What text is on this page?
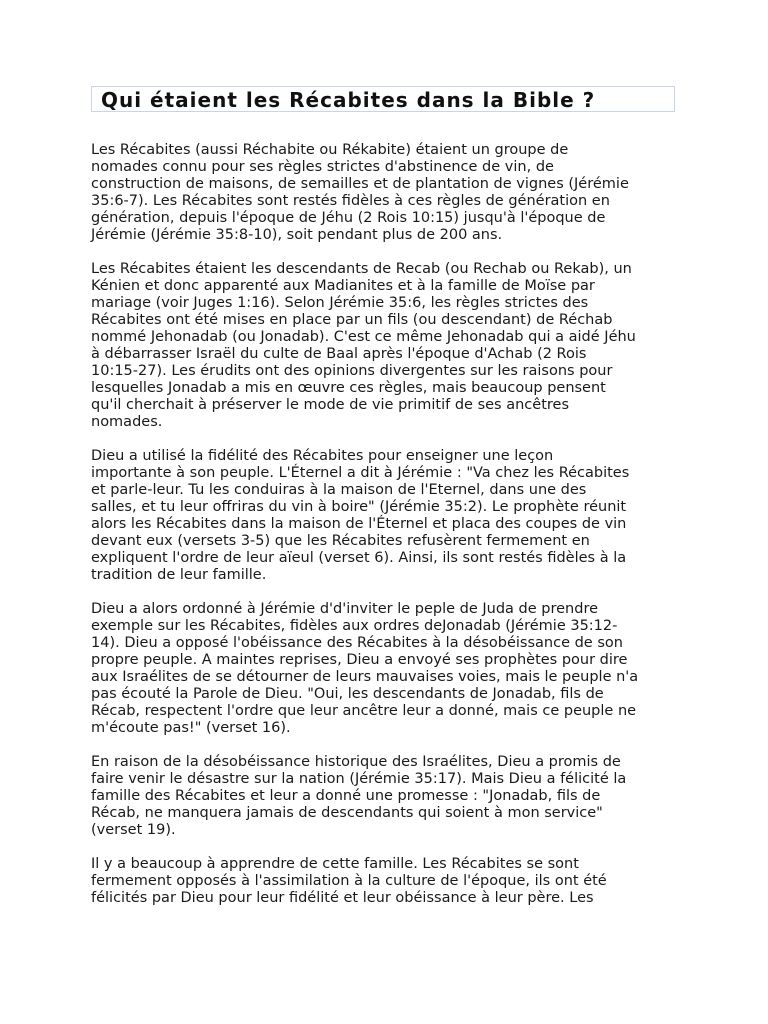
Qui étaient les Récabites dans la Bible ?

Les Récabites (aussi Réchabite ou Rékabite) étaient un groupe de
nomades connu pour ses règles strictes d'abstinence de vin, de
construction de maisons, de semailles et de plantation de vignes (Jérémie
35:6-7). Les Récabites sont restés fidèles à ces règles de génération en
génération, depuis l'époque de Jéhu (2 Rois 10:15) jusqu'à l'époque de
Jérémie (Jérémie 35:8-10), soit pendant plus de 200 ans.

Les Récabites étaient les descendants de Recab (ou Rechab ou Rekab), un
Kénien et donc apparenté aux Madianites et à la famille de Moïse par
mariage (voir Juges 1:16). Selon Jérémie 35:6, les règles strictes des
Récabites ont été mises en place par un fils (ou descendant) de Réchab
nommé Jehonadab (ou Jonadab). C'est ce même Jehonadab qui a aidé Jéhu
à débarrasser Israël du culte de Baal après l'époque d'Achab (2 Rois
10:15-27). Les érudits ont des opinions divergentes sur les raisons pour
lesquelles Jonadab a mis en œuvre ces règles, mais beaucoup pensent
qu'il cherchait à préserver le mode de vie primitif de ses ancêtres
nomades.

Dieu a utilisé la fidélité des Récabites pour enseigner une leçon
importante à son peuple. L'Éternel a dit à Jérémie : "Va chez les Récabites
et parle-leur. Tu les conduiras à la maison de l'Eternel, dans une des
salles, et tu leur offriras du vin à boire" (Jérémie 35:2). Le prophète réunit
alors les Récabites dans la maison de l'Éternel et placa des coupes de vin
devant eux (versets 3-5) que les Récabites refusèrent fermement en
expliquent l'ordre de leur aïeul (verset 6). Ainsi, ils sont restés fidèles à la
tradition de leur famille.

Dieu a alors ordonné à Jérémie d'd'inviter le peple de Juda de prendre
exemple sur les Récabites, fidèles aux ordres deJonadab (Jérémie 35:12-
14). Dieu a opposé l'obéissance des Récabites à la désobéissance de son
propre peuple. A maintes reprises, Dieu a envoyé ses prophètes pour dire
aux Israélites de se détourner de leurs mauvaises voies, mais le peuple n'a
pas écouté la Parole de Dieu. "Oui, les descendants de Jonadab, fils de
Récab, respectent l'ordre que leur ancêtre leur a donné, mais ce peuple ne
m'écoute pas!" (verset 16).

En raison de la désobéissance historique des Israélites, Dieu a promis de
faire venir le désastre sur la nation (Jérémie 35:17). Mais Dieu a félicité la
famille des Récabites et leur a donné une promesse : "Jonadab, fils de
Récab, ne manquera jamais de descendants qui soient à mon service"
(verset 19).

Il y a beaucoup à apprendre de cette famille. Les Récabites se sont
fermement opposés à l'assimilation à la culture de l'époque, ils ont été
félicités par Dieu pour leur fidélité et leur obéissance à leur père. Les
